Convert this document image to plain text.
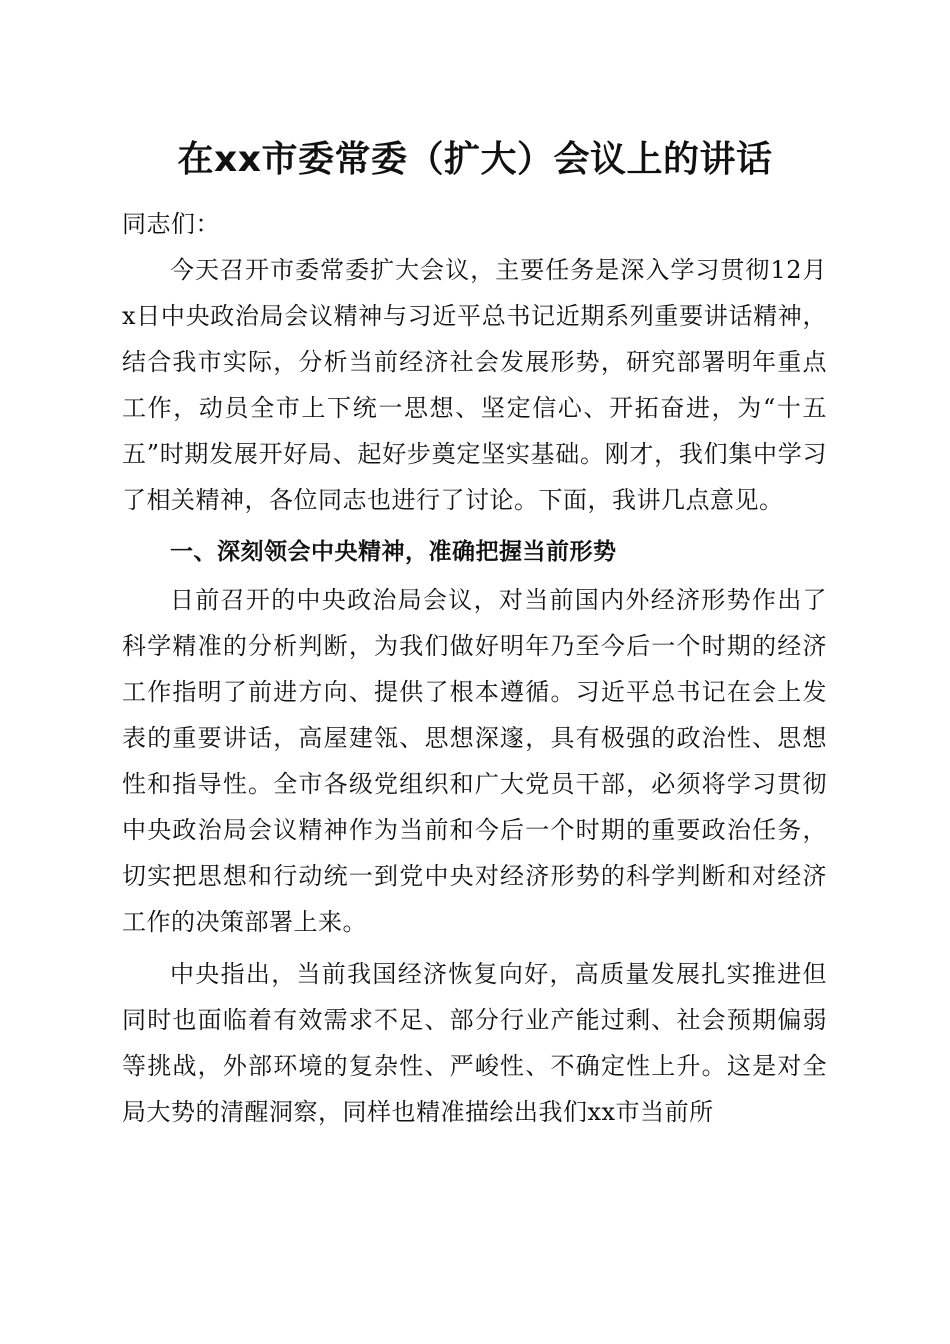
在xx市委常委（扩大）会议上的讲话

同志们：

今天召开市委常委扩大会议，主要任务是深入学习贯彻12月x日中央政治局会议精神与习近平总书记近期系列重要讲话精神，结合我市实际，分析当前经济社会发展形势，研究部署明年重点工作，动员全市上下统一思想、坚定信心、开拓奋进，为“十五五”时期发展开好局、起好步奠定坚实基础。刚才，我们集中学习了相关精神，各位同志也进行了讨论。下面，我讲几点意见。

一、深刻领会中央精神，准确把握当前形势

日前召开的中央政治局会议，对当前国内外经济形势作出了科学精准的分析判断，为我们做好明年乃至今后一个时期的经济工作指明了前进方向、提供了根本遵循。习近平总书记在会上发表的重要讲话，高屋建瓴、思想深邃，具有极强的政治性、思想性和指导性。全市各级党组织和广大党员干部，必须将学习贯彻中央政治局会议精神作为当前和今后一个时期的重要政治任务，切实把思想和行动统一到党中央对经济形势的科学判断和对经济工作的决策部署上来。

中央指出，当前我国经济恢复向好，高质量发展扎实推进但同时也面临着有效需求不足、部分行业产能过剩、社会预期偏弱等挑战，外部环境的复杂性、严峻性、不确定性上升。这是对全局大势的清醒洞察，同样也精准描绘出我们xx市当前所
